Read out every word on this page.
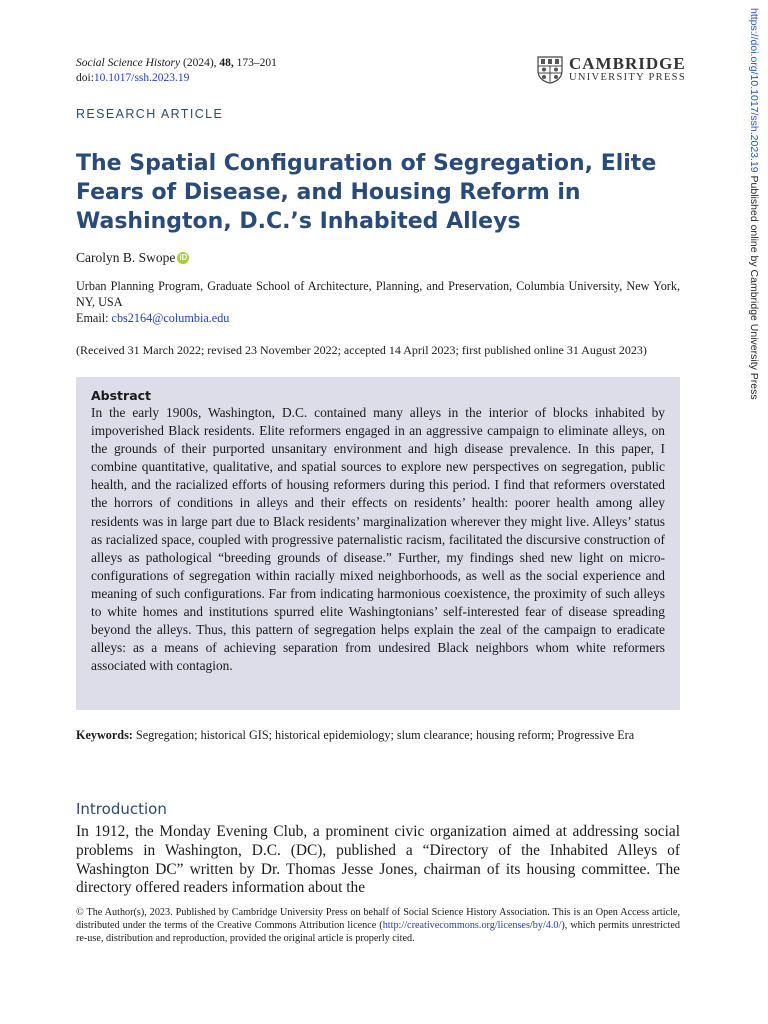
https://doi.org/10.1017/ssh.2023.19 Published online by Cambridge University Press
Social Science History (2024), 48, 173–201
doi:10.1017/ssh.2023.19
CAMBRIDGE
UNIVERSITY PRESS
RESEARCH ARTICLE
The Spatial Configuration of Segregation, Elite Fears of Disease, and Housing Reform in Washington, D.C.’s Inhabited Alleys
Carolyn B. Swope iD
Urban Planning Program, Graduate School of Architecture, Planning, and Preservation, Columbia University, New York, NY, USA
Email: cbs2164@columbia.edu
(Received 31 March 2022; revised 23 November 2022; accepted 14 April 2023; first published online 31 August 2023)
Abstract

In the early 1900s, Washington, D.C. contained many alleys in the interior of blocks inhabited by impoverished Black residents. Elite reformers engaged in an aggressive campaign to eliminate alleys, on the grounds of their purported unsanitary environment and high disease prevalence. In this paper, I combine quantitative, qualitative, and spatial sources to explore new perspectives on segregation, public health, and the racialized efforts of housing reformers during this period. I find that reformers overstated the horrors of conditions in alleys and their effects on residents’ health: poorer health among alley residents was in large part due to Black residents’ marginalization wherever they might live. Alleys’ status as racialized space, coupled with progressive paternalistic racism, facilitated the discursive construction of alleys as pathological “breeding grounds of disease.” Further, my findings shed new light on micro-configurations of segregation within racially mixed neighborhoods, as well as the social experience and meaning of such configurations. Far from indicating harmonious coexistence, the proximity of such alleys to white homes and institutions spurred elite Washingtonians’ self-interested fear of disease spreading beyond the alleys. Thus, this pattern of segregation helps explain the zeal of the campaign to eradicate alleys: as a means of achieving separation from undesired Black neighbors whom white reformers associated with contagion.

Keywords: Segregation; historical GIS; historical epidemiology; slum clearance; housing reform; Progressive Era
Introduction
In 1912, the Monday Evening Club, a prominent civic organization aimed at addressing social problems in Washington, D.C. (DC), published a “Directory of the Inhabited Alleys of Washington DC” written by Dr. Thomas Jesse Jones, chairman of its housing committee. The directory offered readers information about the
© The Author(s), 2023. Published by Cambridge University Press on behalf of Social Science History Association. This is an Open Access article, distributed under the terms of the Creative Commons Attribution licence (http://creativecommons.org/licenses/by/4.0/), which permits unrestricted re-use, distribution and reproduction, provided the original article is properly cited.
